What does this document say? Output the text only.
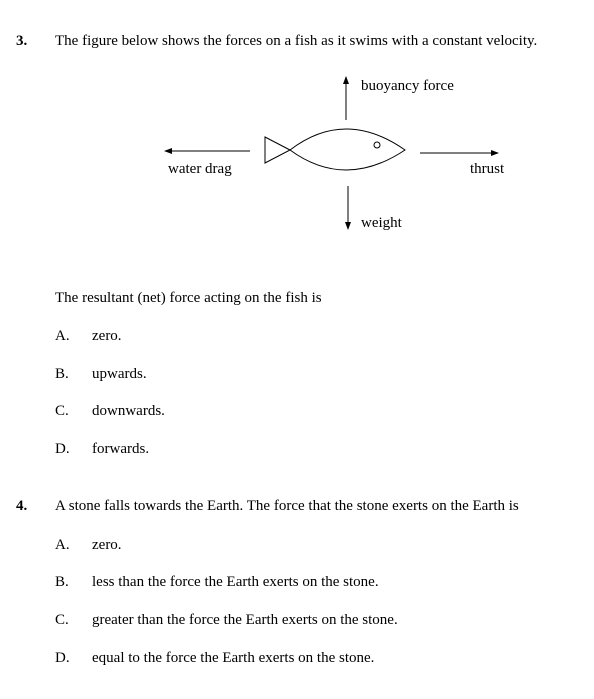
3. The figure below shows the forces on a fish as it swims with a constant velocity.
buoyancy force
water drag	thrust
weight
The resultant (net) force acting on the fish is
A. zero.
B. upwards.
C. downwards.
D. forwards.
4. A stone falls towards the Earth. The force that the stone exerts on the Earth is
A. zero.
B. less than the force the Earth exerts on the stone.
C. greater than the force the Earth exerts on the stone.
D. equal to the force the Earth exerts on the stone.
